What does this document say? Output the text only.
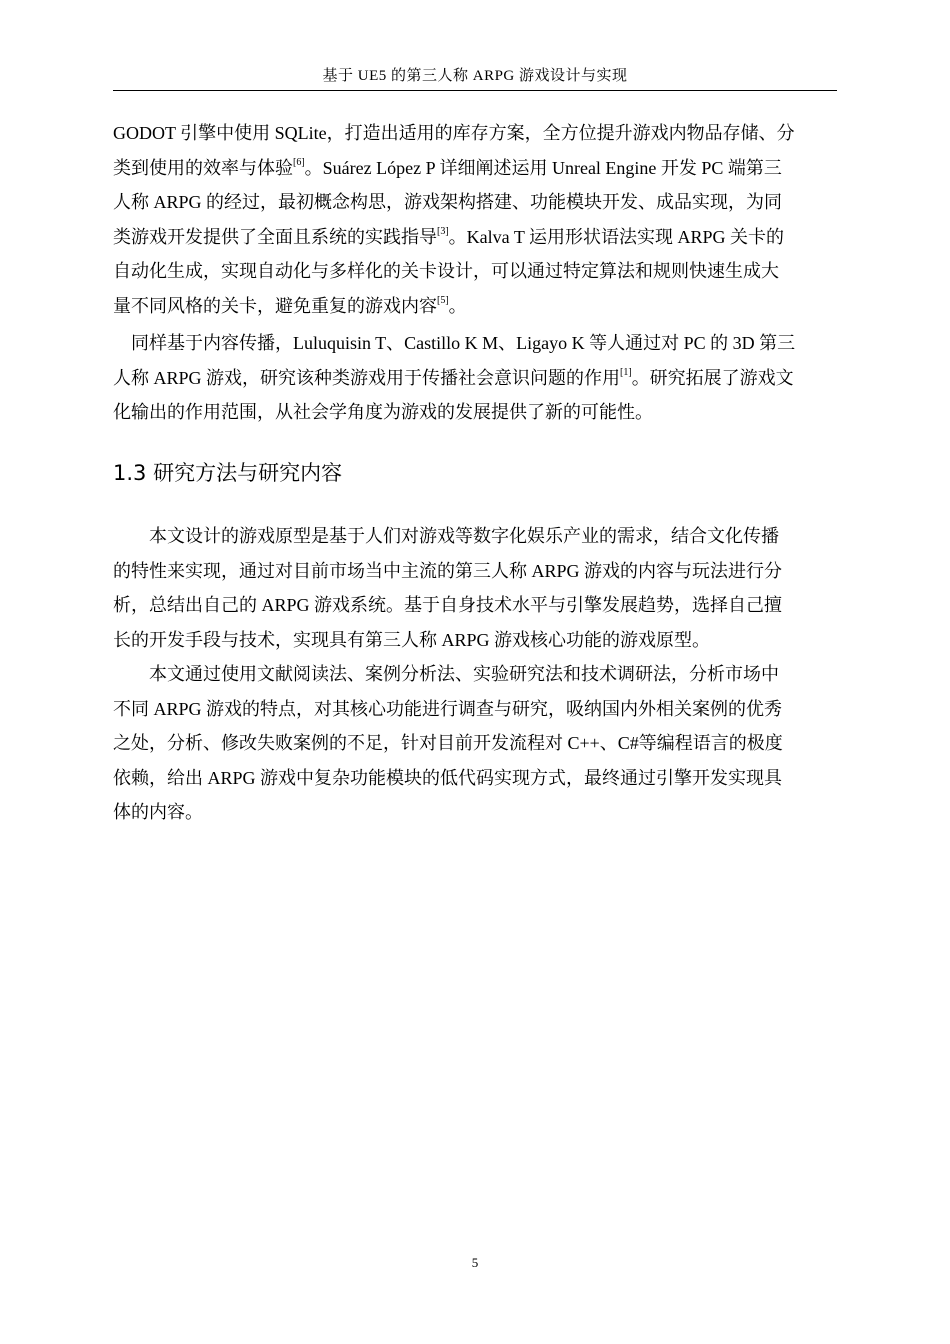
基于 UE5 的第三人称 ARPG 游戏设计与实现
GODOT 引擎中使用 SQLite，打造出适用的库存方案，全方位提升游戏内物品存储、分
类到使用的效率与体验[6]。Suárez López P 详细阐述运用 Unreal Engine 开发 PC 端第三
人称 ARPG 的经过，最初概念构思，游戏架构搭建、功能模块开发、成品实现，为同
类游戏开发提供了全面且系统的实践指导[3]。Kalva T 运用形状语法实现 ARPG 关卡的
自动化生成，实现自动化与多样化的关卡设计，可以通过特定算法和规则快速生成大
量不同风格的关卡，避免重复的游戏内容[5]。
同样基于内容传播，Luluquisin T、Castillo K M、Ligayo K 等人通过对 PC 的 3D 第三
人称 ARPG 游戏，研究该种类游戏用于传播社会意识问题的作用[1]。研究拓展了游戏文
化输出的作用范围，从社会学角度为游戏的发展提供了新的可能性。
1.3 研究方法与研究内容
本文设计的游戏原型是基于人们对游戏等数字化娱乐产业的需求，结合文化传播
的特性来实现，通过对目前市场当中主流的第三人称 ARPG 游戏的内容与玩法进行分
析，总结出自己的 ARPG 游戏系统。基于自身技术水平与引擎发展趋势，选择自己擅
长的开发手段与技术，实现具有第三人称 ARPG 游戏核心功能的游戏原型。
本文通过使用文献阅读法、案例分析法、实验研究法和技术调研法，分析市场中
不同 ARPG 游戏的特点，对其核心功能进行调查与研究，吸纳国内外相关案例的优秀
之处，分析、修改失败案例的不足，针对目前开发流程对 C++、C#等编程语言的极度
依赖，给出 ARPG 游戏中复杂功能模块的低代码实现方式，最终通过引擎开发实现具
体的内容。
5
